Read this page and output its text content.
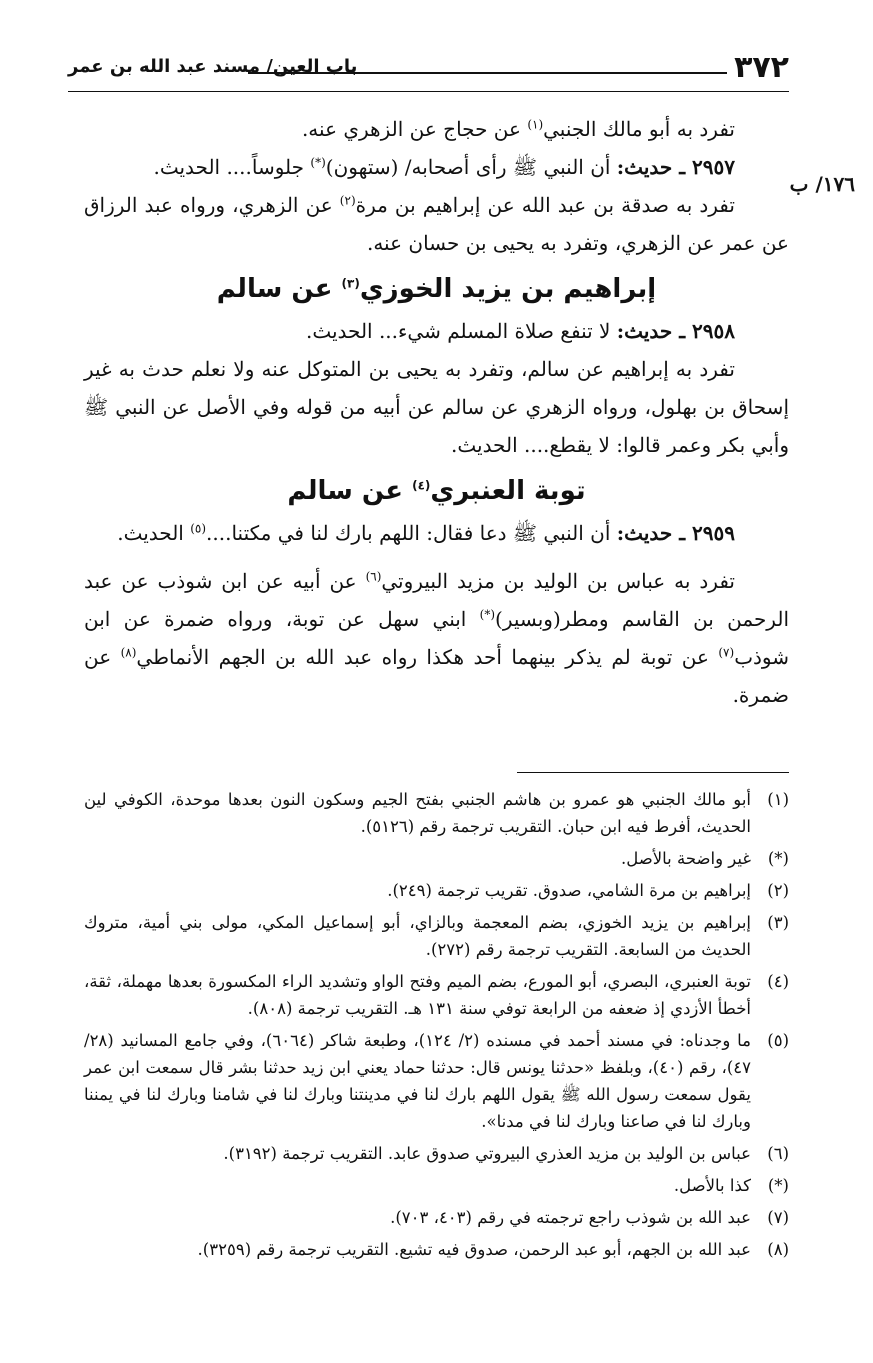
٣٧٢
باب العين/ مسند عبد الله بن عمر
١٧٦/ ب

تفرد به أبو مالك الجنبي$^{(١)}$ عن حجاج عن الزهري عنه.

٢٩٥٧ ـ حديث: أن النبي ﷺ رأى أصحابه/ (ستهون)(*) جلوساً.... الحديث.

تفرد به صدقة بن عبد الله عن إبراهيم بن مرة$^{(٢)}$ عن الزهري، ورواه عبد الرزاق عن عمر عن الزهري، وتفرد به يحيى بن حسان عنه.

إبراهيم بن يزيد الخوزي$^{(٣)}$ عن سالم

٢٩٥٨ ـ حديث: لا تنفع صلاة المسلم شيء... الحديث.

تفرد به إبراهيم عن سالم، وتفرد به يحيى بن المتوكل عنه ولا نعلم حدث به غير إسحاق بن بهلول، ورواه الزهري عن سالم عن أبيه من قوله وفي الأصل عن النبي ﷺ وأبي بكر وعمر قالوا: لا يقطع.... الحديث.

توبة العنبري$^{(٤)}$ عن سالم

٢٩٥٩ ـ حديث: أن النبي ﷺ دعا فقال: اللهم بارك لنا في مكتنا....$^{(٥)}$ الحديث.

تفرد به عباس بن الوليد بن مزيد البيروتي$^{(٦)}$ عن أبيه عن ابن شوذب عن عبد الرحمن بن القاسم ومطر(وبسير)(*) ابني سهل عن توبة، ورواه ضمرة عن ابن شوذب$^{(٧)}$ عن توبة لم يذكر بينهما أحد هكذا رواه عبد الله بن الجهم الأنماطي$^{(٨)}$ عن ضمرة.

(١)
أبو مالك الجنبي هو عمرو بن هاشم الجنبي بفتح الجيم وسكون النون بعدها موحدة، الكوفي لين الحديث، أفرط فيه ابن حبان. التقريب ترجمة رقم (٥١٢٦).
(*)
غير واضحة بالأصل.
(٢)
إبراهيم بن مرة الشامي، صدوق. تقريب ترجمة (٢٤٩).
(٣)
إبراهيم بن يزيد الخوزي، بضم المعجمة وبالزاي، أبو إسماعيل المكي، مولى بني أمية، متروك الحديث من السابعة. التقريب ترجمة رقم (٢٧٢).
(٤)
توبة العنبري، البصري، أبو المورع، بضم الميم وفتح الواو وتشديد الراء المكسورة بعدها مهملة، ثقة، أخطأ الأزدي إذ ضعفه من الرابعة توفي سنة ١٣١ هـ. التقريب ترجمة (٨٠٨).
(٥)
ما وجدناه: في مسند أحمد في مسنده (٢/ ١٢٤)، وطبعة شاكر (٦٠٦٤)، وفي جامع المسانيد (٢٨/ ٤٧)، رقم (٤٠)، وبلفظ «حدثنا يونس قال: حدثنا حماد يعني ابن زيد حدثنا بشر قال سمعت ابن عمر يقول سمعت رسول الله ﷺ يقول اللهم بارك لنا في مدينتنا وبارك لنا في شامنا وبارك لنا في يمننا وبارك لنا في صاعنا وبارك لنا في مدنا».
(٦)
عباس بن الوليد بن مزيد العذري البيروتي صدوق عابد. التقريب ترجمة (٣١٩٢).
(*)
كذا بالأصل.
(٧)
عبد الله بن شوذب راجع ترجمته في رقم (٤٠٣، ٧٠٣).
(٨)
عبد الله بن الجهم، أبو عبد الرحمن، صدوق فيه تشيع. التقريب ترجمة رقم (٣٢٥٩).
